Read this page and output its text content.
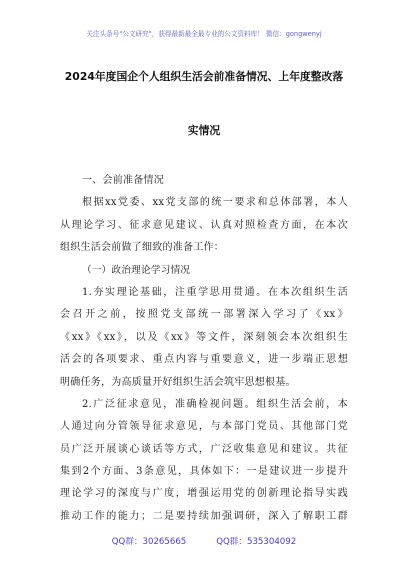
关注头条号"公文研究"，获得最新最全最专业的公文资料库！ 微信：gongwenyj
2024年度国企个人组织生活会前准备情况、上年度整改落
实情况
一、会前准备情况
根据xx党委、xx党支部的统一要求和总体部署，本人
从理论学习、征求意见建议、认真对照检查方面，在本次
组织生活会前做了细致的准备工作：
（一）政治理论学习情况
1.夯实理论基础，注重学思用贯通。在本次组织生活
会召开之前，按照党支部统一部署深入学习了《xx》
《xx》《xx》，以及《xx》等文件，深刻领会本次组织生
活会的各项要求、重点内容与重要意义，进一步端正思想
明确任务，为高质量开好组织生活会筑牢思想根基。
2.广泛征求意见，准确检视问题。组织生活会前，本
人通过向分管领导征求意见，与本部门党员、其他部门党
员广泛开展谈心谈话等方式，广泛收集意见和建议。共征
集到2个方面、3条意见，具体如下：一是建议进一步提升
理论学习的深度与广度，增强运用党的创新理论指导实践
推动工作的能力；二是要持续加强调研，深入了解职工群
QQ群：30265665	QQ群：535304092
